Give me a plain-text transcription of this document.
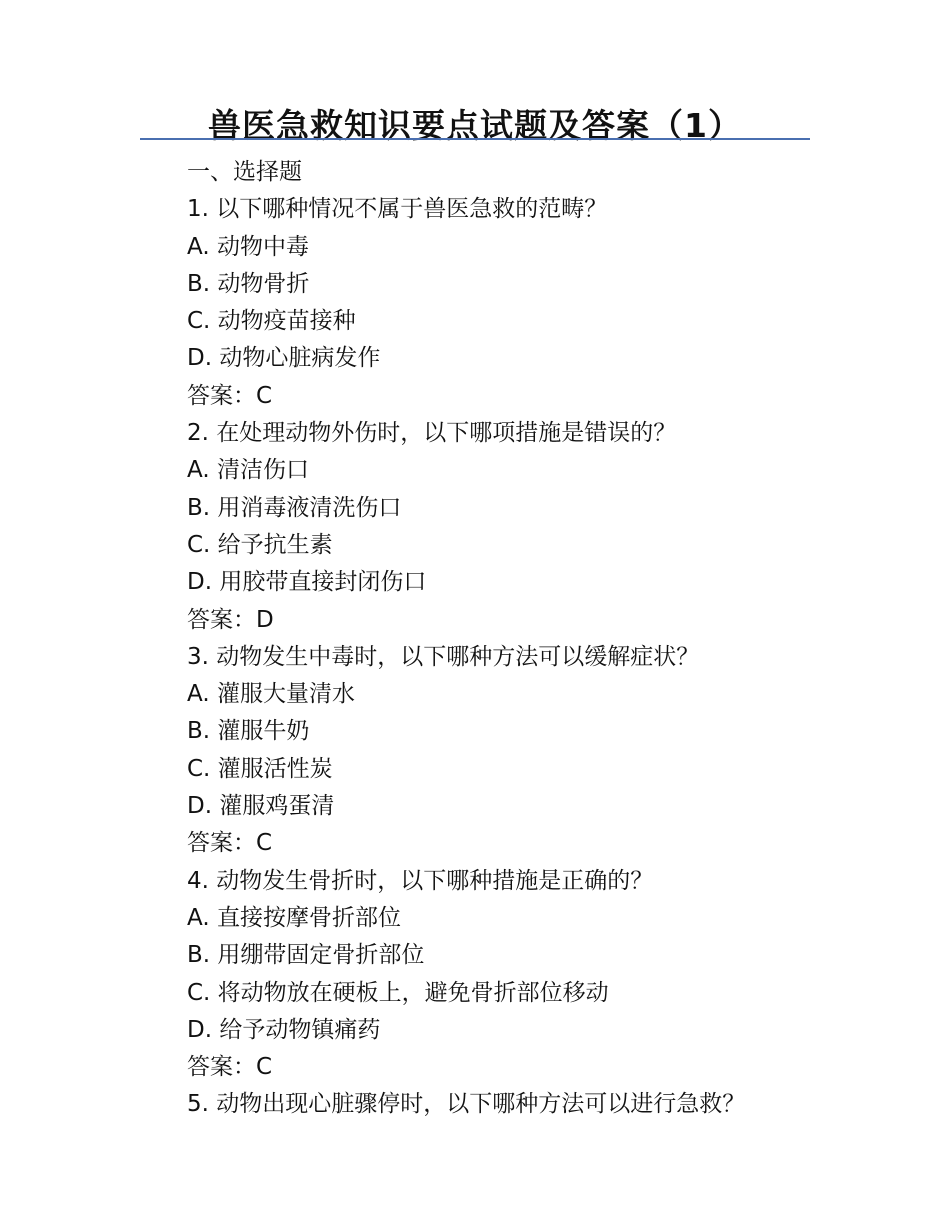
兽医急救知识要点试题及答案（1）
一、选择题
1. 以下哪种情况不属于兽医急救的范畴？
A. 动物中毒
B. 动物骨折
C. 动物疫苗接种
D. 动物心脏病发作
答案：C
2. 在处理动物外伤时，以下哪项措施是错误的？
A. 清洁伤口
B. 用消毒液清洗伤口
C. 给予抗生素
D. 用胶带直接封闭伤口
答案：D
3. 动物发生中毒时，以下哪种方法可以缓解症状？
A. 灌服大量清水
B. 灌服牛奶
C. 灌服活性炭
D. 灌服鸡蛋清
答案：C
4. 动物发生骨折时，以下哪种措施是正确的？
A. 直接按摩骨折部位
B. 用绷带固定骨折部位
C. 将动物放在硬板上，避免骨折部位移动
D. 给予动物镇痛药
答案：C
5. 动物出现心脏骤停时，以下哪种方法可以进行急救？
